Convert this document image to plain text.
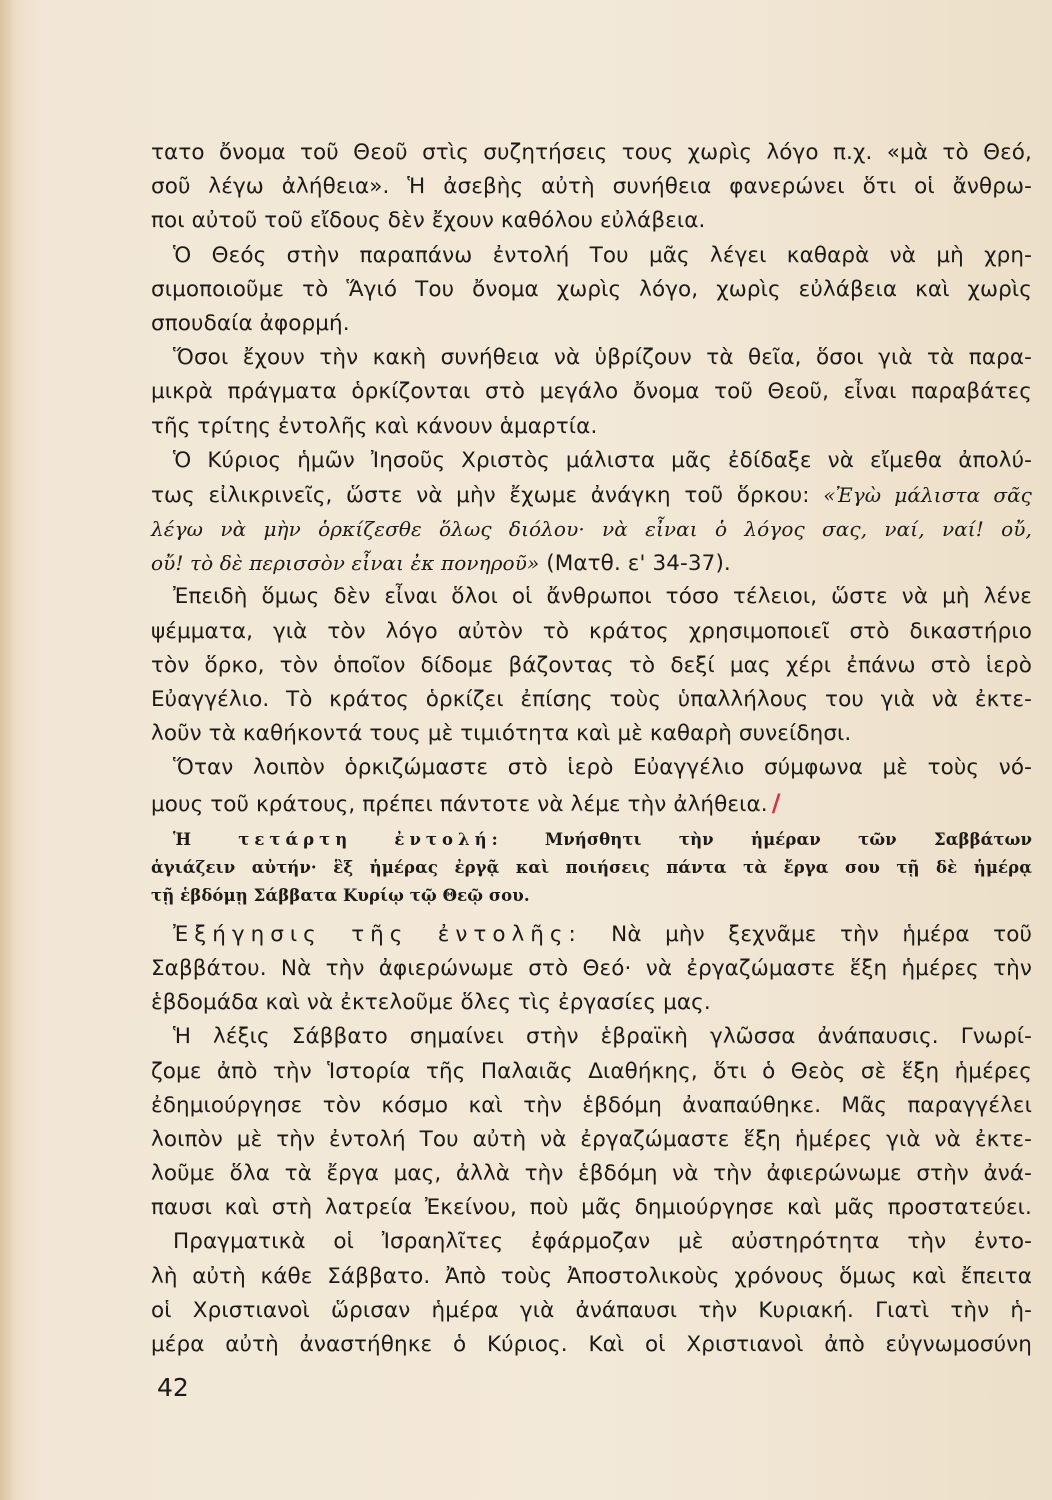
τατο ὄνομα τοῦ Θεοῦ στὶς συζητήσεις τους χωρὶς λόγο π.χ. «μὰ τὸ Θεό,
σοῦ λέγω ἀλήθεια». Ἡ ἀσεβὴς αὐτὴ συνήθεια φανερώνει ὅτι οἱ ἄνθρω-
ποι αὐτοῦ τοῦ εἴδους δὲν ἔχουν καθόλου εὐλάβεια.
Ὁ Θεός στὴν παραπάνω ἐντολή Του μᾶς λέγει καθαρὰ νὰ μὴ χρη-
σιμοποιοῦμε τὸ Ἅγιό Του ὄνομα χωρὶς λόγο, χωρὶς εὐλάβεια καὶ χωρὶς
σπουδαία ἀφορμή.
Ὅσοι ἔχουν τὴν κακὴ συνήθεια νὰ ὑβρίζουν τὰ θεῖα, ὅσοι γιὰ τὰ παρα-
μικρὰ πράγματα ὁρκίζονται στὸ μεγάλο ὄνομα τοῦ Θεοῦ, εἶναι παραβάτες
τῆς τρίτης ἐντολῆς καὶ κάνουν ἁμαρτία.
Ὁ Κύριος ἡμῶν Ἰησοῦς Χριστὸς μάλιστα μᾶς ἐδίδαξε νὰ εἴμεθα ἀπολύ-
τως εἰλικρινεῖς, ὥστε νὰ μὴν ἔχωμε ἀνάγκη τοῦ ὅρκου: «Ἐγὼ μάλιστα σᾶς
λέγω νὰ μὴν ὁρκίζεσθε ὅλως διόλου· νὰ εἶναι ὁ λόγος σας, ναί, ναί! οὔ,
οὔ! τὸ δὲ περισσὸν εἶναι ἐκ πονηροῦ» (Ματθ. ε' 34-37).
Ἐπειδὴ ὅμως δὲν εἶναι ὅλοι οἱ ἄνθρωποι τόσο τέλειοι, ὥστε νὰ μὴ λένε
ψέμματα, γιὰ τὸν λόγο αὐτὸν τὸ κράτος χρησιμοποιεῖ στὸ δικαστήριο
τὸν ὅρκο, τὸν ὁποῖον δίδομε βάζοντας τὸ δεξί μας χέρι ἐπάνω στὸ ἱερὸ
Εὐαγγέλιο. Τὸ κράτος ὁρκίζει ἐπίσης τοὺς ὑπαλλήλους του γιὰ νὰ ἐκτε-
λοῦν τὰ καθήκοντά τους μὲ τιμιότητα καὶ μὲ καθαρὴ συνείδησι.
Ὅταν λοιπὸν ὁρκιζώμαστε στὸ ἱερὸ Εὐαγγέλιο σύμφωνα μὲ τοὺς νό-
μους τοῦ κράτους, πρέπει πάντοτε νὰ λέμε τὴν ἀλήθεια. /
Ἡ τετάρτη ἐντολή: Μνήσθητι τὴν ἡμέραν τῶν Σαββάτων
ἁγιάζειν αὐτήν· ἓξ ἡμέρας ἐργᾷ καὶ ποιήσεις πάντα τὰ ἔργα σου τῇ δὲ ἡμέρᾳ
τῇ ἑβδόμῃ Σάββατα Κυρίῳ τῷ Θεῷ σου.
Ἐξήγησις τῆς ἐντολῆς: Νὰ μὴν ξεχνᾶμε τὴν ἡμέρα τοῦ
Σαββάτου. Νὰ τὴν ἀφιερώνωμε στὸ Θεό· νὰ ἐργαζώμαστε ἕξη ἡμέρες τὴν
ἑβδομάδα καὶ νὰ ἐκτελοῦμε ὅλες τὶς ἐργασίες μας.
Ἡ λέξις Σάββατο σημαίνει στὴν ἑβραϊκὴ γλῶσσα ἀνάπαυσις. Γνωρί-
ζομε ἀπὸ τὴν Ἱστορία τῆς Παλαιᾶς Διαθήκης, ὅτι ὁ Θεὸς σὲ ἕξη ἡμέρες
ἐδημιούργησε τὸν κόσμο καὶ τὴν ἑβδόμη ἀναπαύθηκε. Μᾶς παραγγέλει
λοιπὸν μὲ τὴν ἐντολή Του αὐτὴ νὰ ἐργαζώμαστε ἕξη ἡμέρες γιὰ νὰ ἐκτε-
λοῦμε ὅλα τὰ ἔργα μας, ἀλλὰ τὴν ἑβδόμη νὰ τὴν ἀφιερώνωμε στὴν ἀνά-
παυσι καὶ στὴ λατρεία Ἐκείνου, ποὺ μᾶς δημιούργησε καὶ μᾶς προστατεύει.
Πραγματικὰ οἱ Ἰσραηλῖτες ἐφάρμοζαν μὲ αὐστηρότητα τὴν ἐντο-
λὴ αὐτὴ κάθε Σάββατο. Ἀπὸ τοὺς Ἀποστολικοὺς χρόνους ὅμως καὶ ἔπειτα
οἱ Χριστιανοὶ ὥρισαν ἡμέρα γιὰ ἀνάπαυσι τὴν Κυριακή. Γιατὶ τὴν ἡ-
μέρα αὐτὴ ἀναστήθηκε ὁ Κύριος. Καὶ οἱ Χριστιανοὶ ἀπὸ εὐγνωμοσύνη
42
